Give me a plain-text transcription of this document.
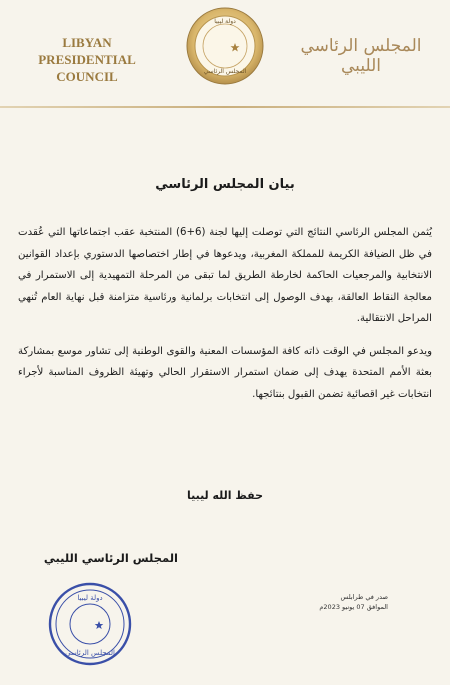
LIBYAN PRESIDENTIAL
COUNCIL
دولة ليبيا
المجلس الرئاسي
المجلس الرئاسي الليبي
بيان المجلس الرئاسي

يُثمن المجلس الرئاسي النتائج التي توصلت إليها لجنة (6+6) المنتخبة عقب اجتماعاتها التي عُقدت في ظل الضيافة الكريمة للمملكة المغربية، ويدعوها في إطار اختصاصها الدستوري بإعداد القوانين الانتخابية والمرجعيات الحاكمة لخارطة الطريق لما تبقى من المرحلة التمهيدية إلى الاستمرار في معالجة النقاط العالقة، بهدف الوصول إلى انتخابات برلمانية ورئاسية متزامنة قبل نهاية العام تُنهي المراحل الانتقالية.

ويدعو المجلس في الوقت ذاته كافة المؤسسات المعنية والقوى الوطنية إلى تشاور موسع بمشاركة بعثة الأمم المتحدة يهدف إلى ضمان استمرار الاستقرار الحالي وتهيئة الظروف المناسبة لأجراء انتخابات غير اقصائية تضمن القبول بنتائجها.

حفظ الله ليبيا
المجلس الرئاسي الليبي
صدر في طرابلس
الموافق 07 يونيو 2023م
دولة ليبيا
المجلس الرئاسي
